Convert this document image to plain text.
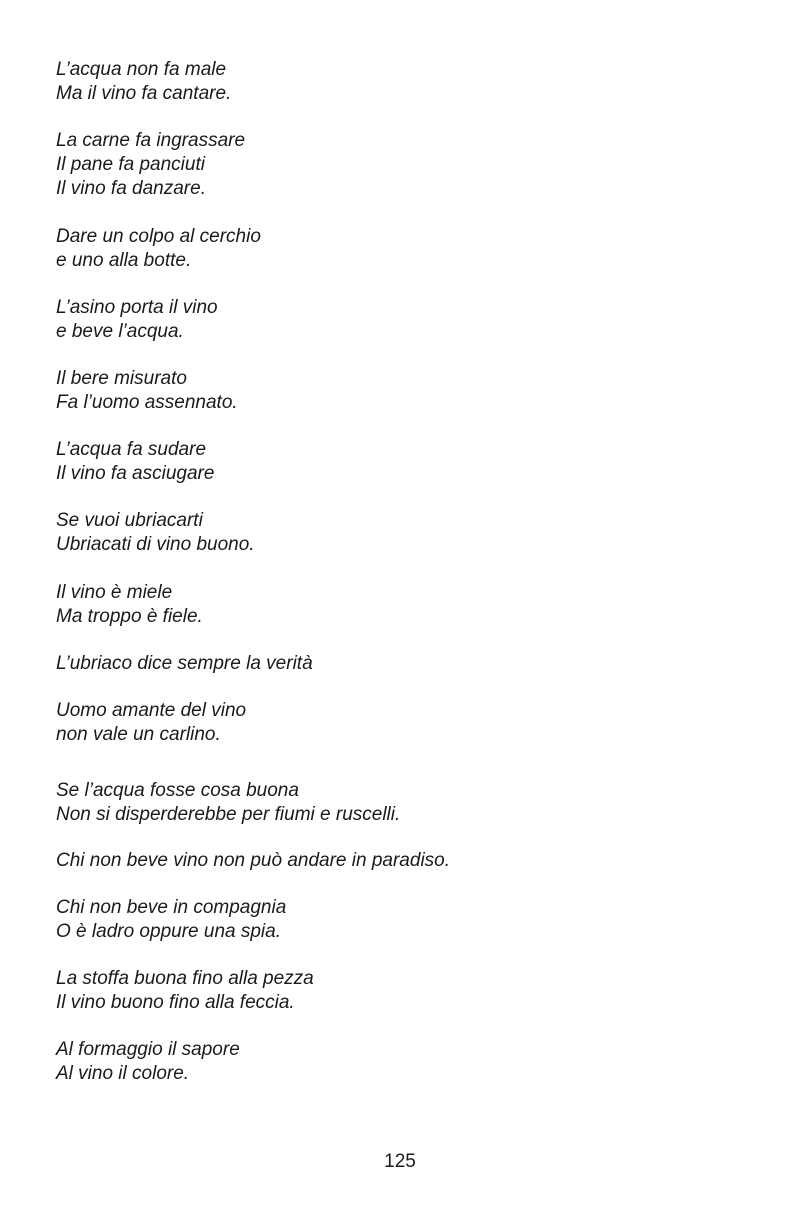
L’acqua non fa male
Ma il vino fa cantare.
La carne fa ingrassare
Il pane fa panciuti
Il vino fa danzare.
Dare un colpo al cerchio
e uno alla botte.
L’asino porta il vino
e beve l’acqua.
Il bere misurato
Fa l’uomo assennato.
L’acqua fa sudare
Il vino fa asciugare
Se vuoi ubriacarti
Ubriacati di vino buono.
Il vino è miele
Ma troppo è fiele.
L’ubriaco dice sempre la verità
Uomo amante del vino
non vale un carlino.
Se l’acqua fosse cosa buona
Non si disperderebbe per fiumi e ruscelli.
Chi non beve vino non può andare in paradiso.
Chi non beve in compagnia
O è ladro oppure una spia.
La stoffa buona fino alla pezza
Il vino buono fino alla feccia.
Al formaggio il sapore
Al vino il colore.
125
